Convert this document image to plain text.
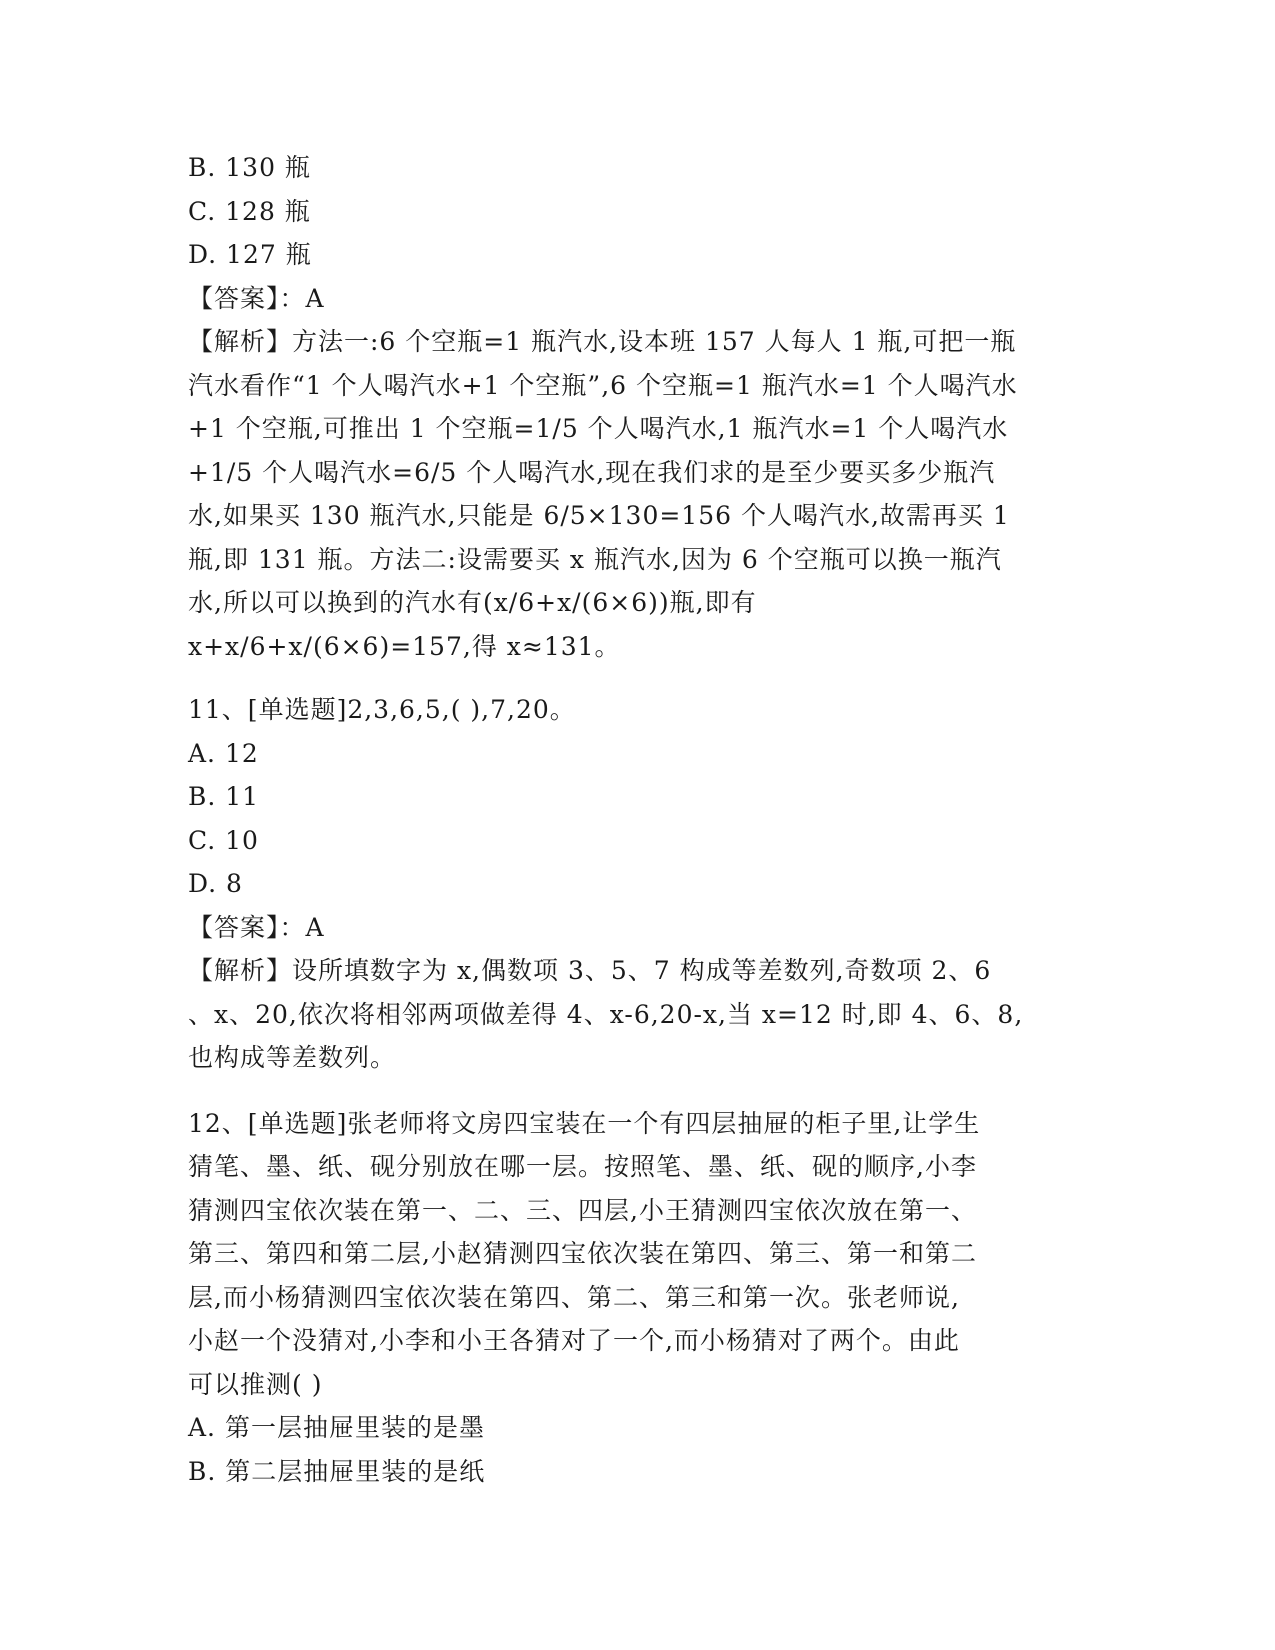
B. 130 瓶
C. 128 瓶
D. 127 瓶
【答案】：A
【解析】方法一:6 个空瓶=1 瓶汽水,设本班 157 人每人 1 瓶,可把一瓶
汽水看作“1 个人喝汽水+1 个空瓶”,6 个空瓶=1 瓶汽水=1 个人喝汽水
+1 个空瓶,可推出 1 个空瓶=1/5 个人喝汽水,1 瓶汽水=1 个人喝汽水
+1/5 个人喝汽水=6/5 个人喝汽水,现在我们求的是至少要买多少瓶汽
水,如果买 130 瓶汽水,只能是 6/5×130=156 个人喝汽水,故需再买 1
瓶,即 131 瓶。方法二:设需要买 x 瓶汽水,因为 6 个空瓶可以换一瓶汽
水,所以可以换到的汽水有(x/6+x/(6×6))瓶,即有
x+x/6+x/(6×6)=157,得 x≈131。
11、[单选题]2,3,6,5,( ),7,20。
A. 12
B. 11
C. 10
D. 8
【答案】：A
【解析】设所填数字为 x,偶数项 3、5、7 构成等差数列,奇数项 2、6
、x、20,依次将相邻两项做差得 4、x-6,20-x,当 x=12 时,即 4、6、8,
也构成等差数列。
12、[单选题]张老师将文房四宝装在一个有四层抽屉的柜子里,让学生
猜笔、墨、纸、砚分别放在哪一层。按照笔、墨、纸、砚的顺序,小李
猜测四宝依次装在第一、二、三、四层,小王猜测四宝依次放在第一、
第三、第四和第二层,小赵猜测四宝依次装在第四、第三、第一和第二
层,而小杨猜测四宝依次装在第四、第二、第三和第一次。张老师说,
小赵一个没猜对,小李和小王各猜对了一个,而小杨猜对了两个。由此
可以推测( )
A. 第一层抽屉里装的是墨
B. 第二层抽屉里装的是纸
